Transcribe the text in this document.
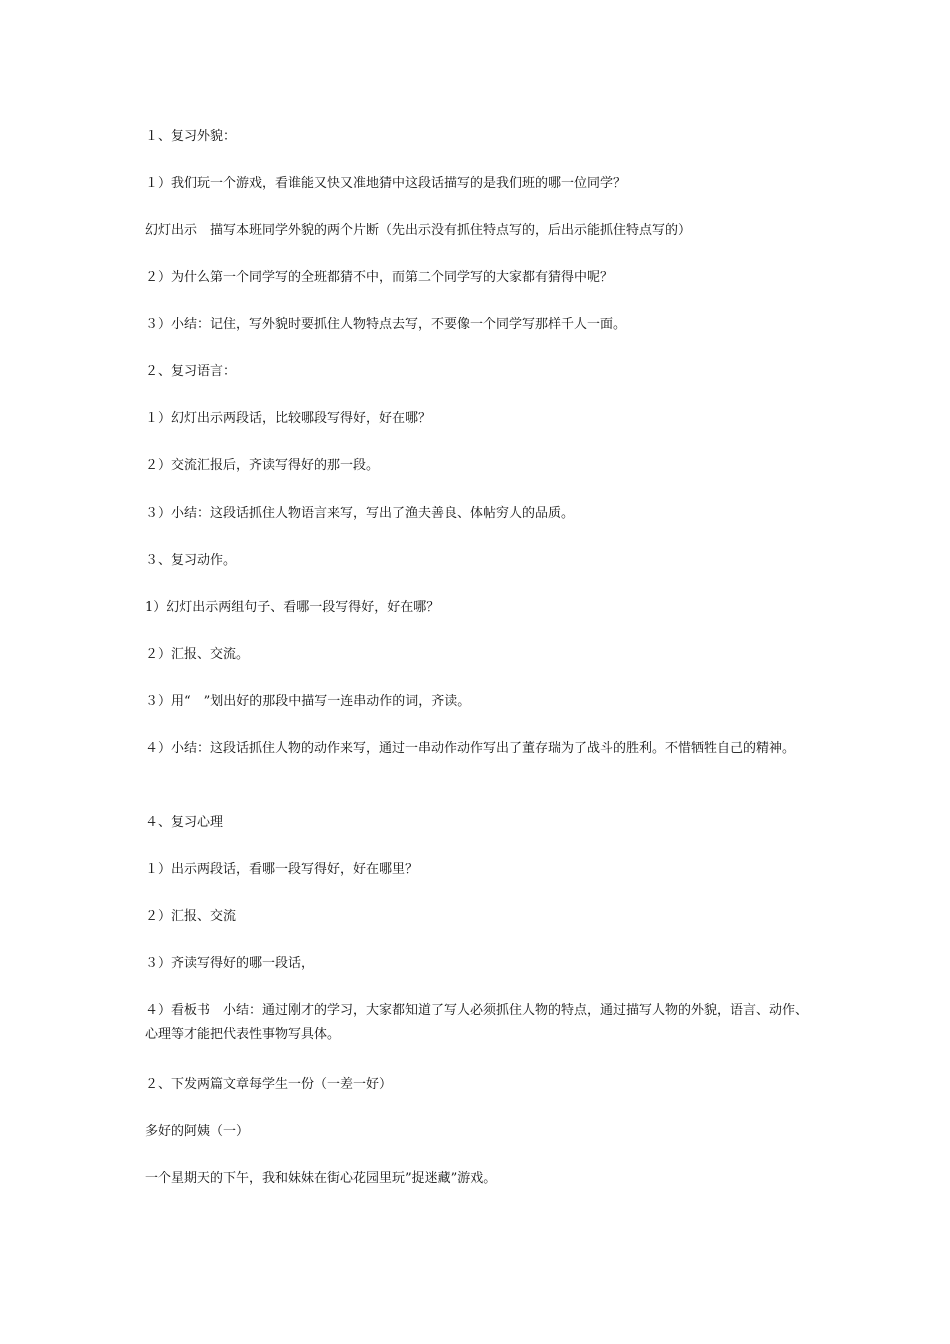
１、复习外貌：

１）我们玩一个游戏，看谁能又快又准地猜中这段话描写的是我们班的哪一位同学？

幻灯出示　描写本班同学外貌的两个片断（先出示没有抓住特点写的，后出示能抓住特点写的）

２）为什么第一个同学写的全班都猜不中，而第二个同学写的大家都有猜得中呢？

３）小结：记住，写外貌时要抓住人物特点去写，不要像一个同学写那样千人一面。

２、复习语言：

１）幻灯出示两段话，比较哪段写得好，好在哪？

２）交流汇报后，齐读写得好的那一段。

３）小结：这段话抓住人物语言来写，写出了渔夫善良、体帖穷人的品质。

３、复习动作。

1）幻灯出示两组句子、看哪一段写得好，好在哪？

２）汇报、交流。

３）用“　”划出好的那段中描写一连串动作的词，齐读。

４）小结：这段话抓住人物的动作来写，通过一串动作动作写出了董存瑞为了战斗的胜利。不惜牺牲自己的精神。

４、复习心理

１）出示两段话，看哪一段写得好，好在哪里？

２）汇报、交流

３）齐读写得好的哪一段话，

４）看板书　小结：通过刚才的学习，大家都知道了写人必须抓住人物的特点，通过描写人物的外貌，语言、动作、心理等才能把代表性事物写具体。

２、下发两篇文章每学生一份（一差一好）

多好的阿姨（一）

一个星期天的下午，我和妹妹在街心花园里玩”捉迷藏”游戏。
